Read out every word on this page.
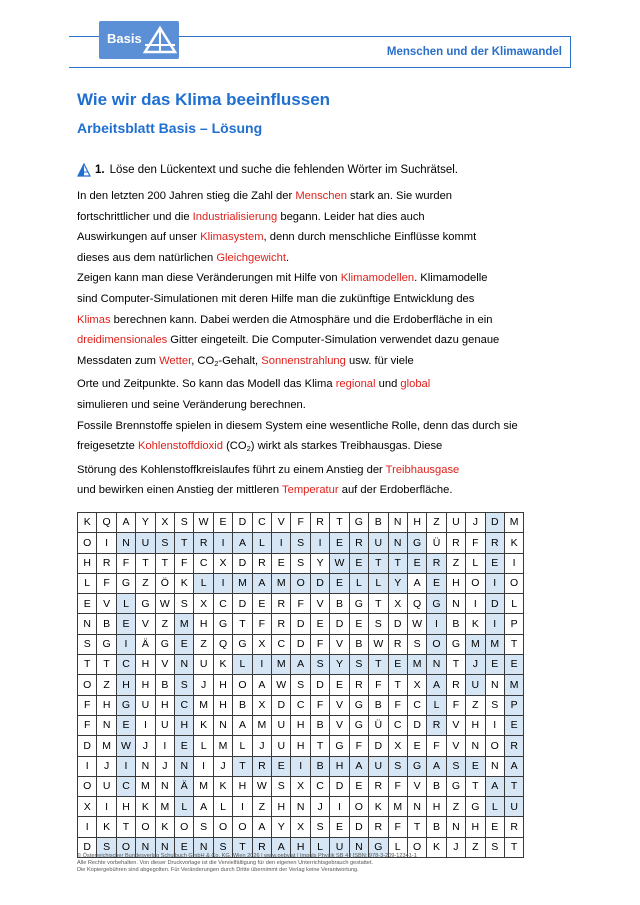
Basis
Menschen und der Klimawandel
Wie wir das Klima beeinflussen
Arbeitsblatt Basis – Lösung
1. Löse den Lückentext und suche die fehlenden Wörter im Suchrätsel.
In den letzten 200 Jahren stieg die Zahl der Menschen stark an. Sie wurden
fortschrittlicher und die Industrialisierung begann. Leider hat dies auch
Auswirkungen auf unser Klimasystem, denn durch menschliche Einflüsse kommt
dieses aus dem natürlichen Gleichgewicht.
Zeigen kann man diese Veränderungen mit Hilfe von Klimamodellen. Klimamodelle
sind Computer-Simulationen mit deren Hilfe man die zukünftige Entwicklung des
Klimas berechnen kann. Dabei werden die Atmosphäre und die Erdoberfläche in ein
dreidimensionales Gitter eingeteilt. Die Computer-Simulation verwendet dazu genaue
Messdaten zum Wetter, $CO_2$-Gehalt, Sonnenstrahlung usw. für viele
Orte und Zeitpunkte. So kann das Modell das Klima regional und global
simulieren und seine Veränderung berechnen.
Fossile Brennstoffe spielen in diesem System eine wesentliche Rolle, denn das durch sie
freigesetzte Kohlenstoffdioxid $(CO_2)$ wirkt als starkes Treibhausgas. Diese
Störung des Kohlenstoffkreislaufes führt zu einem Anstieg der Treibhausgase
und bewirken einen Anstieg der mittleren Temperatur auf der Erdoberfläche.
K	Q	A	Y	X	S	W	E	D	C	V	F	R	T	G	B	N	H	Z	U	J	D	M
O	I	N	U	S	T	R	I	A	L	I	S	I	E	R	U	N	G	Ü	R	F	R	K
H	R	F	T	T	F	C	X	D	R	E	S	Y	W	E	T	T	E	R	Z	L	E	I
L	F	G	Z	Ö	K	L	I	M	A	M	O	D	E	L	L	Y	A	E	H	O	I	O
E	V	L	G	W	S	X	C	D	E	R	F	V	B	G	T	X	Q	G	N	I	D	L
N	B	E	V	Z	M	H	G	T	F	R	D	E	D	E	S	D	W	I	B	K	I	P
S	G	I	Ä	G	E	Z	Q	G	X	C	D	F	V	B	W	R	S	O	G	M	M	T
T	T	C	H	V	N	U	K	L	I	M	A	S	Y	S	T	E	M	N	T	J	E	E
O	Z	H	H	B	S	J	H	O	A	W	S	D	E	R	F	T	X	A	R	U	N	M
F	H	G	U	H	C	M	H	B	X	D	C	F	V	G	B	F	C	L	F	Z	S	P
F	N	E	I	U	H	K	N	A	M	U	H	B	V	G	Ü	C	D	R	V	H	I	E
D	M	W	J	I	E	L	M	L	J	U	H	T	G	F	D	X	E	F	V	N	O	R
I	J	I	N	J	N	I	J	T	R	E	I	B	H	A	U	S	G	A	S	E	N	A
O	U	C	M	N	Ä	M	K	H	W	S	X	C	D	E	R	F	V	B	G	T	A	T
X	I	H	K	M	L	A	L	I	Z	H	N	J	I	O	K	M	N	H	Z	G	L	U
I	K	T	O	K	O	S	O	O	A	Y	X	S	E	D	R	F	T	B	N	H	E	R
D	S	O	N	N	E	N	S	T	R	A	H	L	U	N	G	L	O	K	J	Z	S	T
© Österreichischer Bundesverlag Schulbuch GmbH & Co. KG, Wien 2026 | www.oebv.at | Impuls Physik SB 4 | ISBN: 978-3-209-12341-1
Alle Rechte vorbehalten. Von dieser Druckvorlage ist die Vervielfältigung für den eigenen Unterrichtsgebrauch gestattet.
Die Kopiergebühren sind abgegolten. Für Veränderungen durch Dritte übernimmt der Verlag keine Verantwortung.
